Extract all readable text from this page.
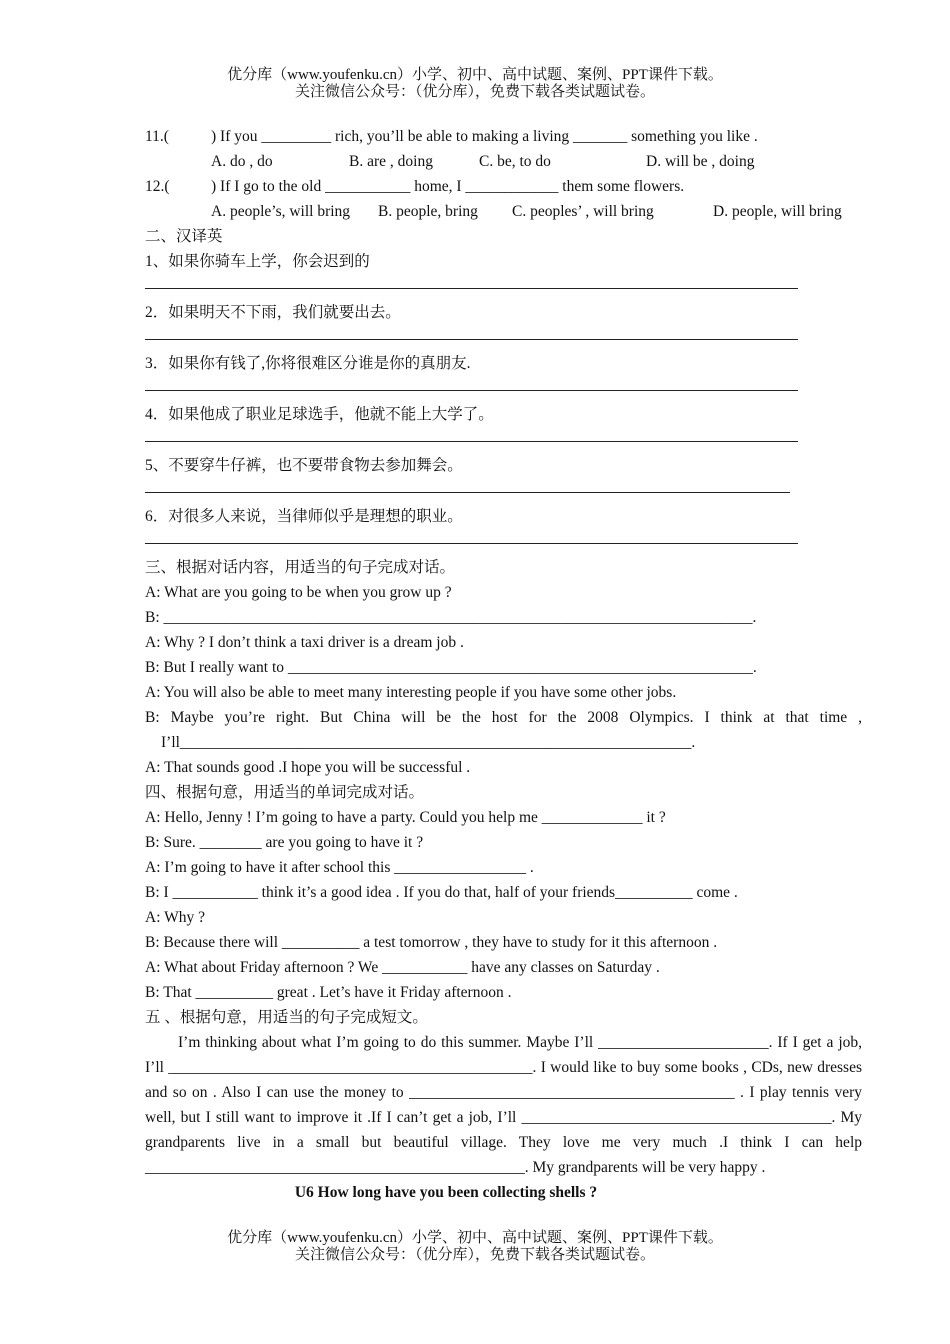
优分库（www.youfenku.cn）小学、初中、高中试题、案例、PPT课件下载。
关注微信公众号：（优分库），免费下载各类试题试卷。
11.(	) If you _________ rich, you’ll be able to making a living _______ something you like .
A. do , do	B. are , doing	C. be, to do	D. will be , doing
12.(	) If I go to the old ___________ home, I ____________ them some flowers.
A. people’s, will bring B. people, bring C. peoples’ , will bring	D. people, will bring
二、汉译英
1、如果你骑车上学，你会迟到的
2．如果明天不下雨，我们就要出去。
3．如果你有钱了,你将很难区分谁是你的真朋友.
4．如果他成了职业足球选手，他就不能上大学了。
5、不要穿牛仔裤，也不要带食物去参加舞会。
6．对很多人来说，当律师似乎是理想的职业。
三、根据对话内容，用适当的句子完成对话。
A: What are you going to be when you grow up ?
B: ____________________________________________________________________________.
A: Why ? I don’t think a taxi driver is a dream job .
B: But I really want to ____________________________________________________________.
A: You will also be able to meet many interesting people if you have some other jobs.
B: Maybe you’re right. But China will be the host for the 2008 Olympics. I think at that time ,
I’ll__________________________________________________________________.
A: That sounds good .I hope you will be successful .
四、根据句意，用适当的单词完成对话。
A: Hello, Jenny ! I’m going to have a party. Could you help me _____________ it ?
B: Sure. ________ are you going to have it ?
A: I’m going to have it after school this _________________ .
B: I ___________ think it’s a good idea . If you do that, half of your friends__________ come .
A: Why ?
B: Because there will __________ a test tomorrow , they have to study for it this afternoon .
A: What about Friday afternoon ? We ___________ have any classes on Saturday .
B: That __________ great . Let’s have it Friday afternoon .
五 、根据句意，用适当的句子完成短文。
I’m thinking about what I’m going to do this summer. Maybe I’ll ______________________. If I get a job, I’ll _______________________________________________. I would like to buy some books , CDs, new dresses and so on . Also I can use the money to __________________________________________ . I play tennis very well, but I still want to improve it .If I can’t get a job, I’ll ________________________________________. My grandparents live in a small but beautiful village. They love me very much .I think I can help _________________________________________________. My grandparents will be very happy .
U6 How long have you been collecting shells ?
优分库（www.youfenku.cn）小学、初中、高中试题、案例、PPT课件下载。
关注微信公众号：（优分库），免费下载各类试题试卷。
